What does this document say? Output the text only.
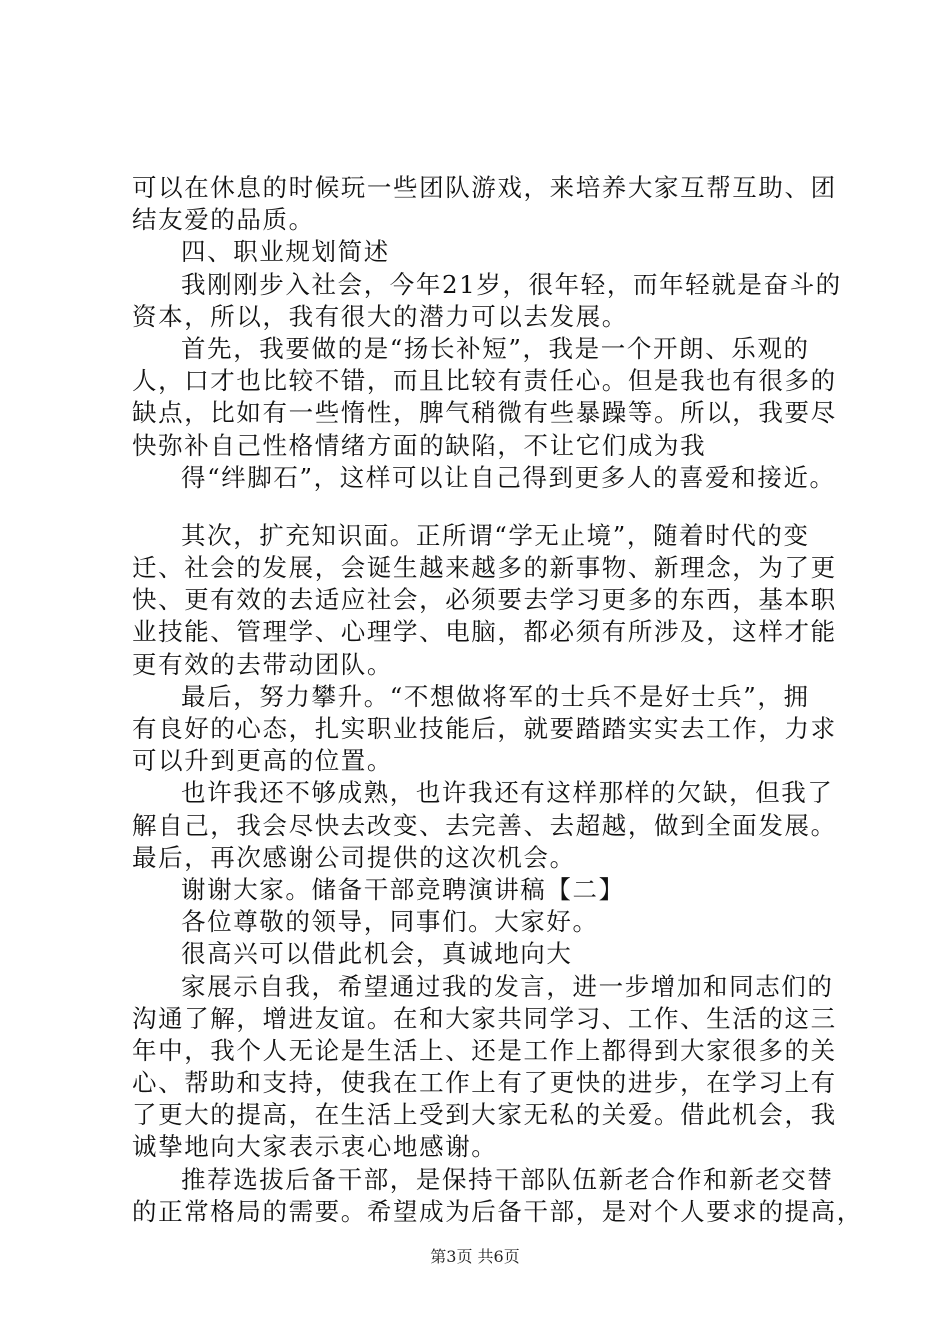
可以在休息的时候玩一些团队游戏，来培养大家互帮互助、团
结友爱的品质。
四、职业规划简述
我刚刚步入社会，今年21岁，很年轻，而年轻就是奋斗的
资本，所以，我有很大的潜力可以去发展。
首先，我要做的是“扬长补短”，我是一个开朗、乐观的
人，口才也比较不错，而且比较有责任心。但是我也有很多的
缺点，比如有一些惰性，脾气稍微有些暴躁等。所以，我要尽
快弥补自己性格情绪方面的缺陷，不让它们成为我
得“绊脚石”，这样可以让自己得到更多人的喜爱和接近。
其次，扩充知识面。正所谓“学无止境”，随着时代的变
迁、社会的发展，会诞生越来越多的新事物、新理念，为了更
快、更有效的去适应社会，必须要去学习更多的东西，基本职
业技能、管理学、心理学、电脑，都必须有所涉及，这样才能
更有效的去带动团队。
最后，努力攀升。“不想做将军的士兵不是好士兵”，拥
有良好的心态，扎实职业技能后，就要踏踏实实去工作，力求
可以升到更高的位置。
也许我还不够成熟，也许我还有这样那样的欠缺，但我了
解自己，我会尽快去改变、去完善、去超越，做到全面发展。
最后，再次感谢公司提供的这次机会。
谢谢大家。储备干部竞聘演讲稿【二】
各位尊敬的领导，同事们。大家好。
很高兴可以借此机会，真诚地向大
家展示自我，希望通过我的发言，进一步增加和同志们的
沟通了解，增进友谊。在和大家共同学习、工作、生活的这三
年中，我个人无论是生活上、还是工作上都得到大家很多的关
心、帮助和支持，使我在工作上有了更快的进步，在学习上有
了更大的提高，在生活上受到大家无私的关爱。借此机会，我
诚挚地向大家表示衷心地感谢。
推荐选拔后备干部，是保持干部队伍新老合作和新老交替
的正常格局的需要。希望成为后备干部，是对个人要求的提高，
第3页 共6页
